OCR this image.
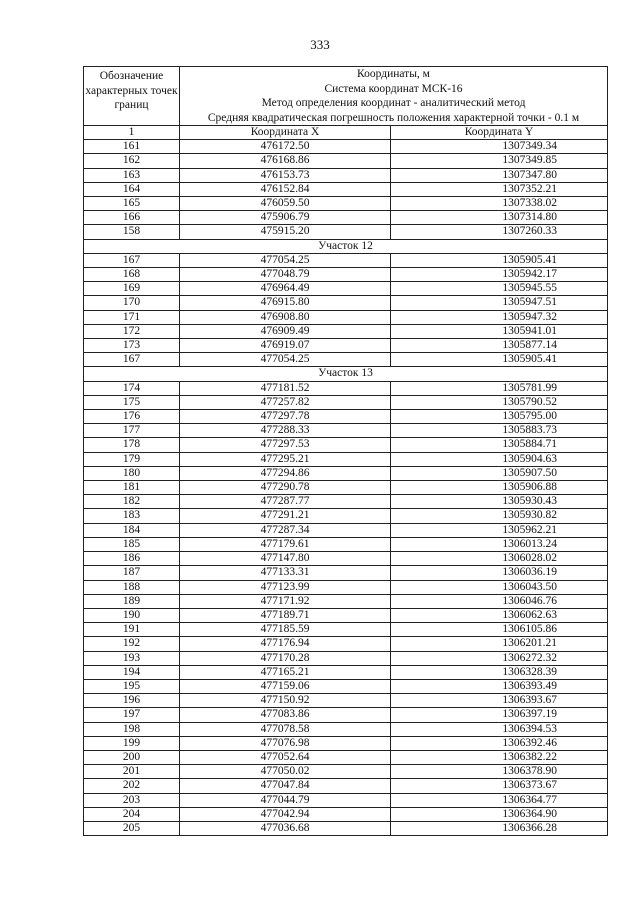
333
Обозначение характерных точек границ	Координаты, м
Система координат МСК-16
Метод определения координат - аналитический метод
Средняя квадратическая погрешность положения характерной точки - 0.1 м	

1	Координата X	Координата Y
161	476172.50	1307349.34
162	476168.86	1307349.85
163	476153.73	1307347.80
164	476152.84	1307352.21
165	476059.50	1307338.02
166	475906.79	1307314.80
158	475915.20	1307260.33
Участок 12		
167	477054.25	1305905.41
168	477048.79	1305942.17
169	476964.49	1305945.55
170	476915.80	1305947.51
171	476908.80	1305947.32
172	476909.49	1305941.01
173	476919.07	1305877.14
167	477054.25	1305905.41
Участок 13		
174	477181.52	1305781.99
175	477257.82	1305790.52
176	477297.78	1305795.00
177	477288.33	1305883.73
178	477297.53	1305884.71
179	477295.21	1305904.63
180	477294.86	1305907.50
181	477290.78	1305906.88
182	477287.77	1305930.43
183	477291.21	1305930.82
184	477287.34	1305962.21
185	477179.61	1306013.24
186	477147.80	1306028.02
187	477133.31	1306036.19
188	477123.99	1306043.50
189	477171.92	1306046.76
190	477189.71	1306062.63
191	477185.59	1306105.86
192	477176.94	1306201.21
193	477170.28	1306272.32
194	477165.21	1306328.39
195	477159.06	1306393.49
196	477150.92	1306393.67
197	477083.86	1306397.19
198	477078.58	1306394.53
199	477076.98	1306392.46
200	477052.64	1306382.22
201	477050.02	1306378.90
202	477047.84	1306373.67
203	477044.79	1306364.77
204	477042.94	1306364.90
205	477036.68	1306366.28
